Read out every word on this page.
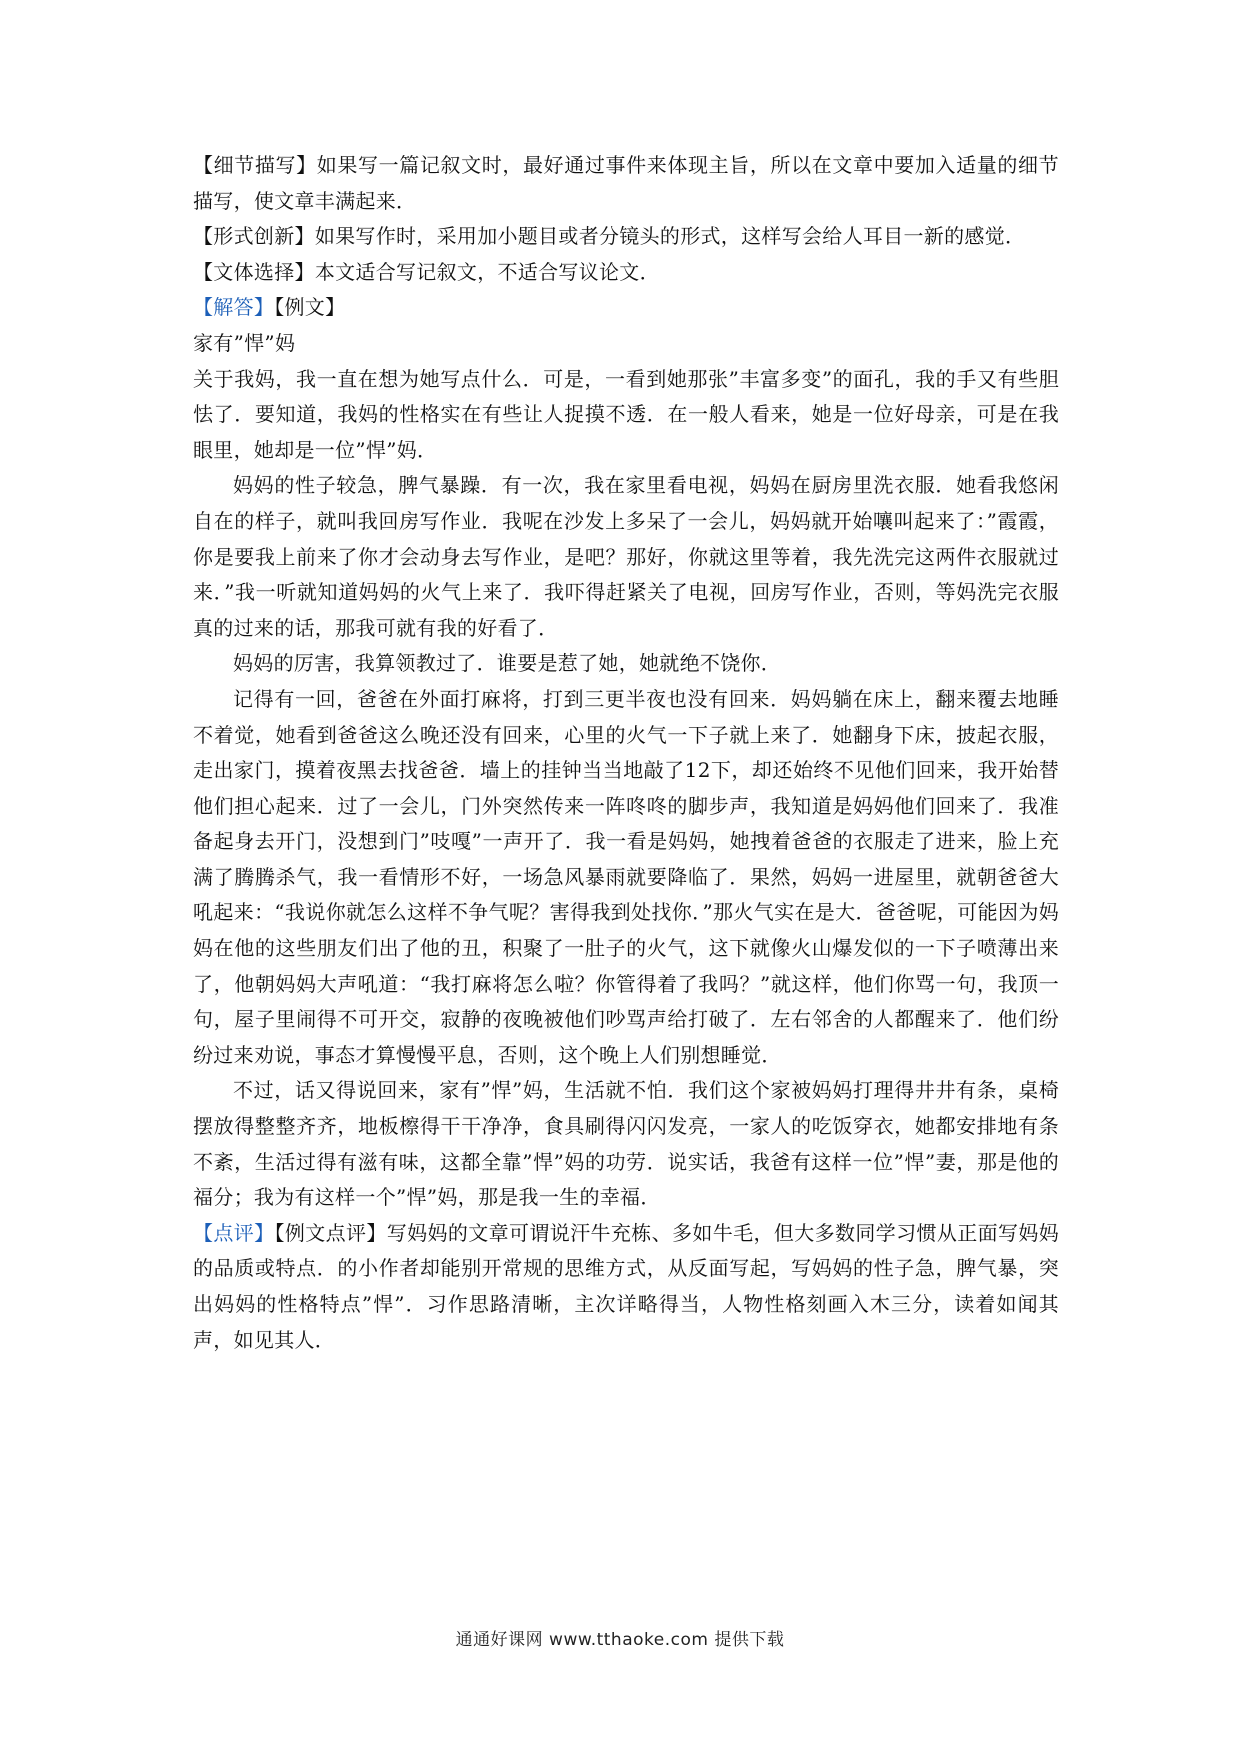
【细节描写】如果写一篇记叙文时，最好通过事件来体现主旨，所以在文章中要加入适量的细节描写，使文章丰满起来．

【形式创新】如果写作时，采用加小题目或者分镜头的形式，这样写会给人耳目一新的感觉．

【文体选择】本文适合写记叙文，不适合写议论文．

【解答】【例文】

家有”悍”妈

关于我妈，我一直在想为她写点什么．可是，一看到她那张”丰富多变”的面孔，我的手又有些胆怯了．要知道，我妈的性格实在有些让人捉摸不透．在一般人看来，她是一位好母亲，可是在我眼里，她却是一位”悍”妈．

妈妈的性子较急，脾气暴躁．有一次，我在家里看电视，妈妈在厨房里洗衣服．她看我悠闲自在的样子，就叫我回房写作业．我呢在沙发上多呆了一会儿，妈妈就开始嚷叫起来了：”霞霞，你是要我上前来了你才会动身去写作业，是吧？那好，你就这里等着，我先洗完这两件衣服就过来．”我一听就知道妈妈的火气上来了．我吓得赶紧关了电视，回房写作业，否则，等妈洗完衣服真的过来的话，那我可就有我的好看了．

妈妈的厉害，我算领教过了．谁要是惹了她，她就绝不饶你．

记得有一回，爸爸在外面打麻将，打到三更半夜也没有回来．妈妈躺在床上，翻来覆去地睡不着觉，她看到爸爸这么晚还没有回来，心里的火气一下子就上来了．她翻身下床，披起衣服，走出家门，摸着夜黑去找爸爸．墙上的挂钟当当地敲了12下，却还始终不见他们回来，我开始替他们担心起来．过了一会儿，门外突然传来一阵咚咚的脚步声，我知道是妈妈他们回来了．我准备起身去开门，没想到门”吱嘎”一声开了．我一看是妈妈，她拽着爸爸的衣服走了进来，脸上充满了腾腾杀气，我一看情形不好，一场急风暴雨就要降临了．果然，妈妈一进屋里，就朝爸爸大吼起来：“我说你就怎么这样不争气呢？害得我到处找你．”那火气实在是大．爸爸呢，可能因为妈妈在他的这些朋友们出了他的丑，积聚了一肚子的火气，这下就像火山爆发似的一下子喷薄出来了，他朝妈妈大声吼道：“我打麻将怎么啦？你管得着了我吗？”就这样，他们你骂一句，我顶一句，屋子里闹得不可开交，寂静的夜晚被他们吵骂声给打破了．左右邻舍的人都醒来了．他们纷纷过来劝说，事态才算慢慢平息，否则，这个晚上人们别想睡觉．

不过，话又得说回来，家有”悍”妈，生活就不怕．我们这个家被妈妈打理得井井有条，桌椅摆放得整整齐齐，地板檫得干干净净，食具刷得闪闪发亮，一家人的吃饭穿衣，她都安排地有条不紊，生活过得有滋有味，这都全靠”悍”妈的功劳．说实话，我爸有这样一位”悍”妻，那是他的福分；我为有这样一个”悍”妈，那是我一生的幸福．

【点评】【例文点评】写妈妈的文章可谓说汗牛充栋、多如牛毛，但大多数同学习惯从正面写妈妈的品质或特点．的小作者却能别开常规的思维方式，从反面写起，写妈妈的性子急，脾气暴，突出妈妈的性格特点”悍”．习作思路清晰，主次详略得当，人物性格刻画入木三分，读着如闻其声，如见其人．

通通好课网 www.tthaoke.com 提供下载
